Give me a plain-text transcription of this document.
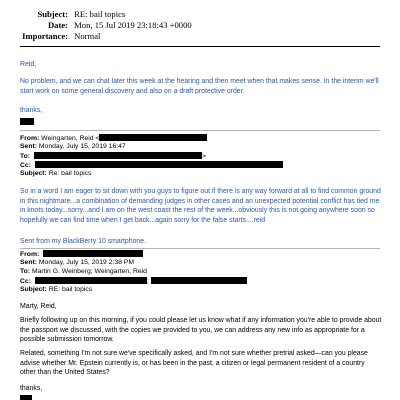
Subject: RE: bail topics
Date: Mon, 15 Jul 2019 23:18:43 +0000
Importance: Normal
Reid,
No problem, and we can chat later this week at the hearing and then meet when that makes sense. In the interim we'll start work on some general discovery and also on a draft protective order.
thanks,
From: Weingarten, Reid <
Sent: Monday, July 15, 2019 16:47
To:	>
Cc:
Subject: Re: bail topics
So in a word I am eager to sit down with you guys to figure out if there is any way forward at all to find common ground in this nightmare...a combination of demanding judges in other cases and an unexpected potential conflict has tied me in knots today...sorry...and I am on the west coast the rest of the week...obviously this is not going anywhere soon so hopefully we can find time when I get back...again sorry for the false starts....reid
Sent from my BlackBerry 10 smartphone.
From:
Sent: Monday, July 15, 2019 2:38 PM
To: Martin G. Weinberg; Weingarten, Reid
Cc:	;
Subject: RE: bail topics
Marty, Reid,
Briefly following up on this morning, if you could please let us know what if any information you're able to provide about the passport we discussed, with the copies we provided to you, we can address any new info as appropriate for a possible submission tomorrow.
Related, something I'm not sure we've specifically asked, and I'm not sure whether pretrial asked—can you please advise whether Mr. Epstein currently is, or has been in the past, a citizen or legal permanent resident of a country other than the United States?
thanks,
